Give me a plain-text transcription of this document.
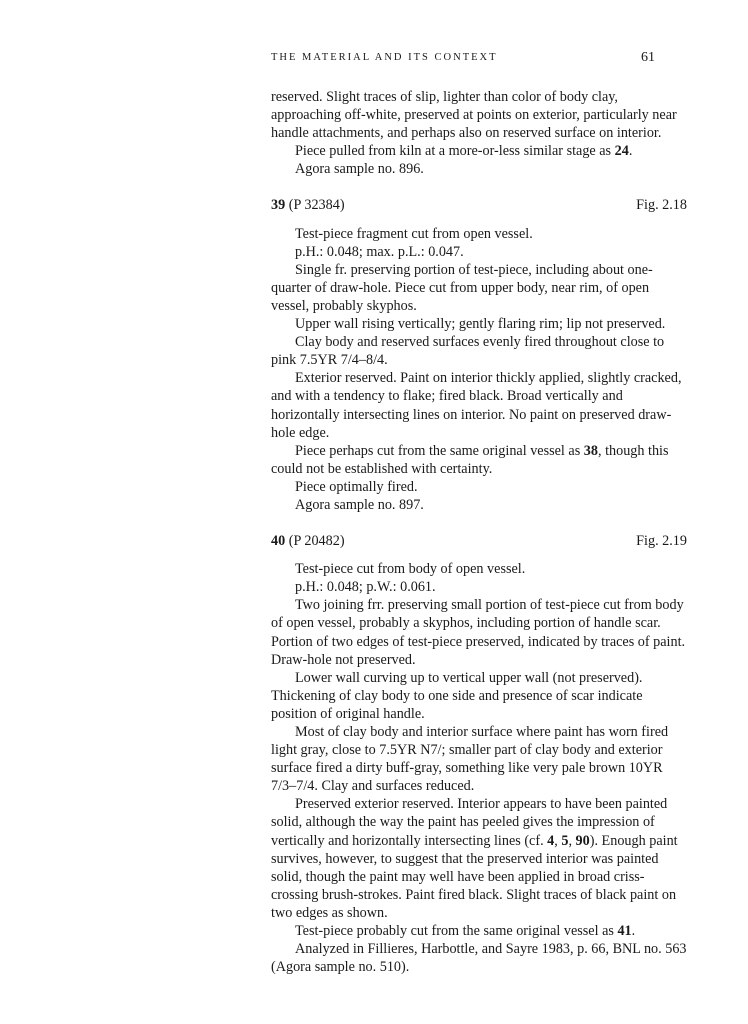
THE MATERIAL AND ITS CONTEXT	61

reserved. Slight traces of slip, lighter than color of body clay, approaching off-white, preserved at points on exterior, particularly near handle attachments, and perhaps also on reserved surface on interior.

Piece pulled from kiln at a more-or-less similar stage as 24.

Agora sample no. 896.

39 (P 32384)	Fig. 2.18

Test-piece fragment cut from open vessel.

p.H.: 0.048; max. p.L.: 0.047.

Single fr. preserving portion of test-piece, including about one-quarter of draw-hole. Piece cut from upper body, near rim, of open vessel, probably skyphos.

Upper wall rising vertically; gently flaring rim; lip not preserved.

Clay body and reserved surfaces evenly fired throughout close to pink 7.5YR 7/4–8/4.

Exterior reserved. Paint on interior thickly applied, slightly cracked, and with a tendency to flake; fired black. Broad vertically and horizontally intersecting lines on interior. No paint on preserved draw-hole edge.

Piece perhaps cut from the same original vessel as 38, though this could not be established with certainty.

Piece optimally fired.

Agora sample no. 897.

40 (P 20482)	Fig. 2.19

Test-piece cut from body of open vessel.

p.H.: 0.048; p.W.: 0.061.

Two joining frr. preserving small portion of test-piece cut from body of open vessel, probably a skyphos, including portion of handle scar. Portion of two edges of test-piece preserved, indicated by traces of paint. Draw-hole not preserved.

Lower wall curving up to vertical upper wall (not preserved). Thickening of clay body to one side and presence of scar indicate position of original handle.

Most of clay body and interior surface where paint has worn fired light gray, close to 7.5YR N7/; smaller part of clay body and exterior surface fired a dirty buff-gray, something like very pale brown 10YR 7/3–7/4. Clay and surfaces reduced.

Preserved exterior reserved. Interior appears to have been painted solid, although the way the paint has peeled gives the impression of vertically and horizontally intersecting lines (cf. 4, 5, 90). Enough paint survives, however, to suggest that the preserved interior was painted solid, though the paint may well have been applied in broad criss-crossing brush-strokes. Paint fired black. Slight traces of black paint on two edges as shown.

Test-piece probably cut from the same original vessel as 41.

Analyzed in Fillieres, Harbottle, and Sayre 1983, p. 66, BNL no. 563 (Agora sample no. 510).
